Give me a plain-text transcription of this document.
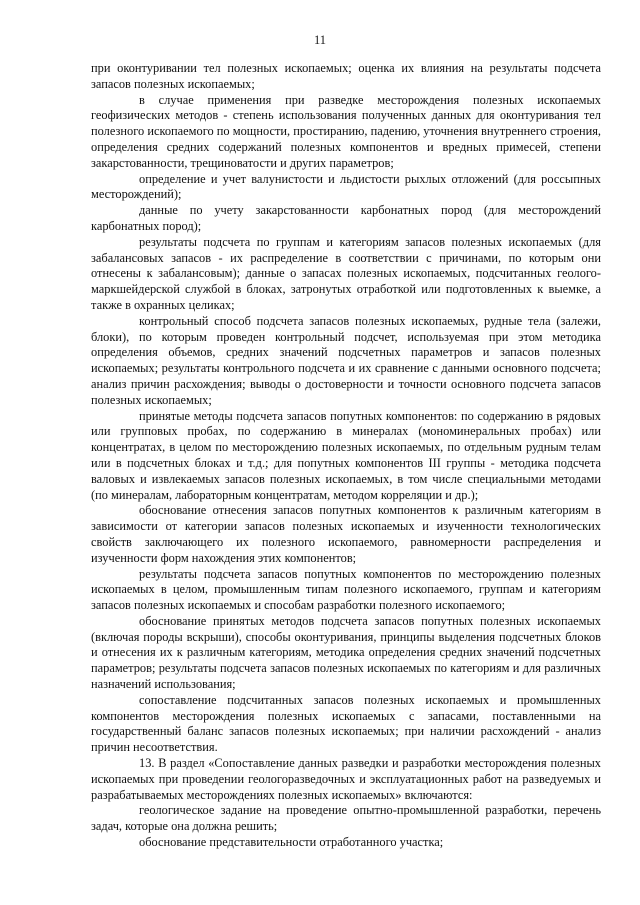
11

при оконтуривании тел полезных ископаемых; оценка их влияния на результаты подсчета запасов полезных ископаемых;

в случае применения при разведке месторождения полезных ископаемых геофизических методов - степень использования полученных данных для оконтуривания тел полезного ископаемого по мощности, простиранию, падению, уточнения внутреннего строения, определения средних содержаний полезных компонентов и вредных примесей, степени закарстованности, трещиноватости и других параметров;

определение и учет валунистости и льдистости рыхлых отложений (для россыпных месторождений);

данные по учету закарстованности карбонатных пород (для месторождений карбонатных пород);

результаты подсчета по группам и категориям запасов полезных ископаемых (для забалансовых запасов - их распределение в соответствии с причинами, по которым они отнесены к забалансовым); данные о запасах полезных ископаемых, подсчитанных геолого-маркшейдерской службой в блоках, затронутых отработкой или подготовленных к выемке, а также в охранных целиках;

контрольный способ подсчета запасов полезных ископаемых, рудные тела (залежи, блоки), по которым проведен контрольный подсчет, используемая при этом методика определения объемов, средних значений подсчетных параметров и запасов полезных ископаемых; результаты контрольного подсчета и их сравнение с данными основного подсчета; анализ причин расхождения; выводы о достоверности и точности основного подсчета запасов полезных ископаемых;

принятые методы подсчета запасов попутных компонентов: по содержанию в рядовых или групповых пробах, по содержанию в минералах (мономинеральных пробах) или концентратах, в целом по месторождению полезных ископаемых, по отдельным рудным телам или в подсчетных блоках и т.д.; для попутных компонентов III группы - методика подсчета валовых и извлекаемых запасов полезных ископаемых, в том числе специальными методами (по минералам, лабораторным концентратам, методом корреляции и др.);

обоснование отнесения запасов попутных компонентов к различным категориям в зависимости от категории запасов полезных ископаемых и изученности технологических свойств заключающего их полезного ископаемого, равномерности распределения и изученности форм нахождения этих компонентов;

результаты подсчета запасов попутных компонентов по месторождению полезных ископаемых в целом, промышленным типам полезного ископаемого, группам и категориям запасов полезных ископаемых и способам разработки полезного ископаемого;

обоснование принятых методов подсчета запасов попутных полезных ископаемых (включая породы вскрыши), способы оконтуривания, принципы выделения подсчетных блоков и отнесения их к различным категориям, методика определения средних значений подсчетных параметров; результаты подсчета запасов полезных ископаемых по категориям и для различных назначений использования;

сопоставление подсчитанных запасов полезных ископаемых и промышленных компонентов месторождения полезных ископаемых с запасами, поставленными на государственный баланс запасов полезных ископаемых; при наличии расхождений - анализ причин несоответствия.

13. В раздел «Сопоставление данных разведки и разработки месторождения полезных ископаемых при проведении геологоразведочных и эксплуатационных работ на разведуемых и разрабатываемых месторождениях полезных ископаемых» включаются:

геологическое задание на проведение опытно-промышленной разработки, перечень задач, которые она должна решить;

обоснование представительности отработанного участка;
